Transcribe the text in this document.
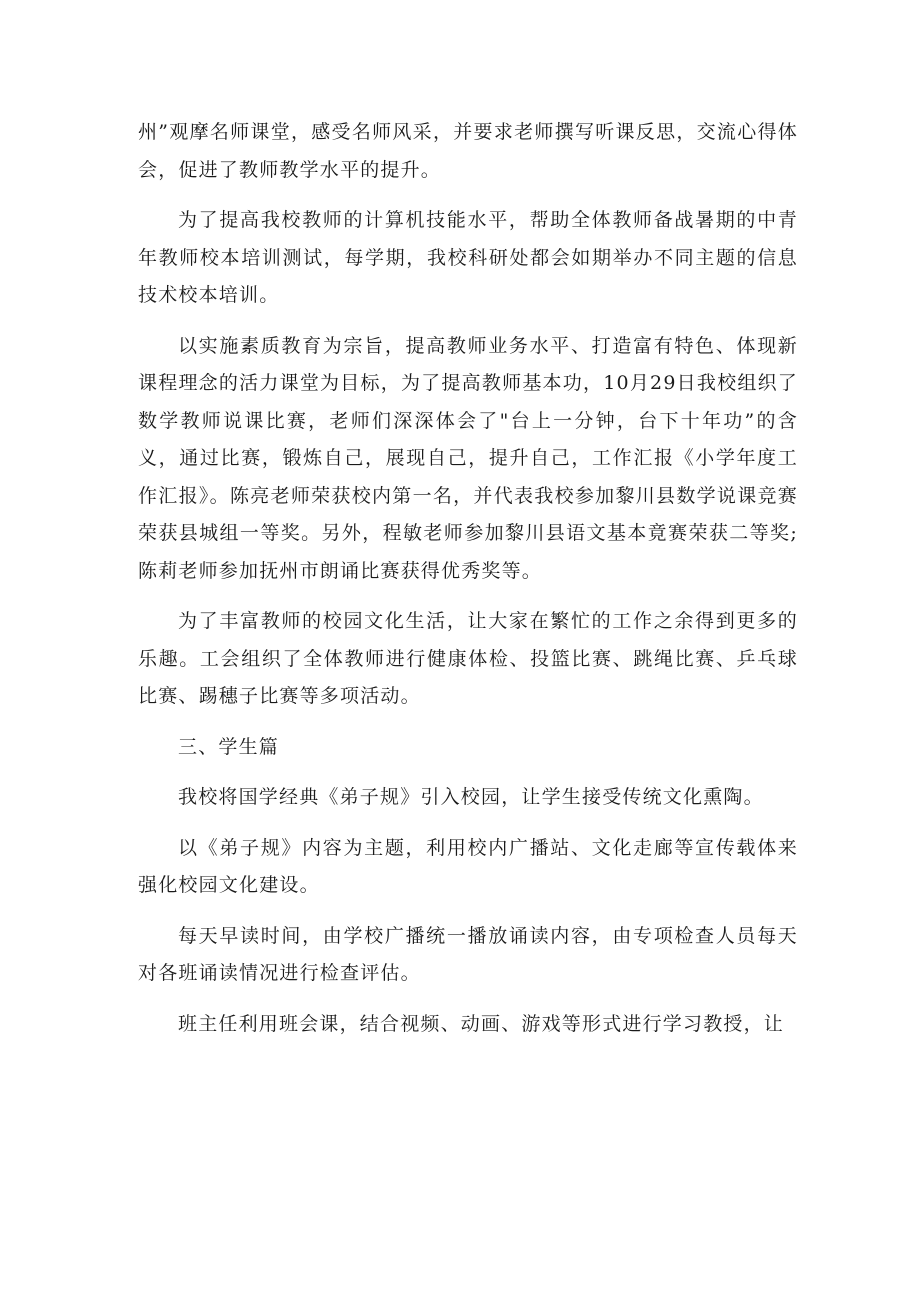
州”观摩名师课堂，感受名师风采，并要求老师撰写听课反思，交流心得体会，促进了教师教学水平的提升。

为了提高我校教师的计算机技能水平，帮助全体教师备战暑期的中青年教师校本培训测试，每学期，我校科研处都会如期举办不同主题的信息技术校本培训。

以实施素质教育为宗旨，提高教师业务水平、打造富有特色、体现新课程理念的活力课堂为目标，为了提高教师基本功，10月29日我校组织了数学教师说课比赛，老师们深深体会了"台上一分钟，台下十年功”的含义，通过比赛，锻炼自己，展现自己，提升自己，工作汇报《小学年度工作汇报》。陈亮老师荣获校内第一名，并代表我校参加黎川县数学说课竞赛荣获县城组一等奖。另外，程敏老师参加黎川县语文基本竟赛荣获二等奖;陈莉老师参加抚州市朗诵比赛获得优秀奖等。

为了丰富教师的校园文化生活，让大家在繁忙的工作之余得到更多的乐趣。工会组织了全体教师进行健康体检、投篮比赛、跳绳比赛、乒乓球比赛、踢穗子比赛等多项活动。

三、学生篇

我校将国学经典《弟子规》引入校园，让学生接受传统文化熏陶。

以《弟子规》内容为主题，利用校内广播站、文化走廊等宣传载体来强化校园文化建设。

每天早读时间，由学校广播统一播放诵读内容，由专项检查人员每天对各班诵读情况进行检查评估。

班主任利用班会课，结合视频、动画、游戏等形式进行学习教授，让
